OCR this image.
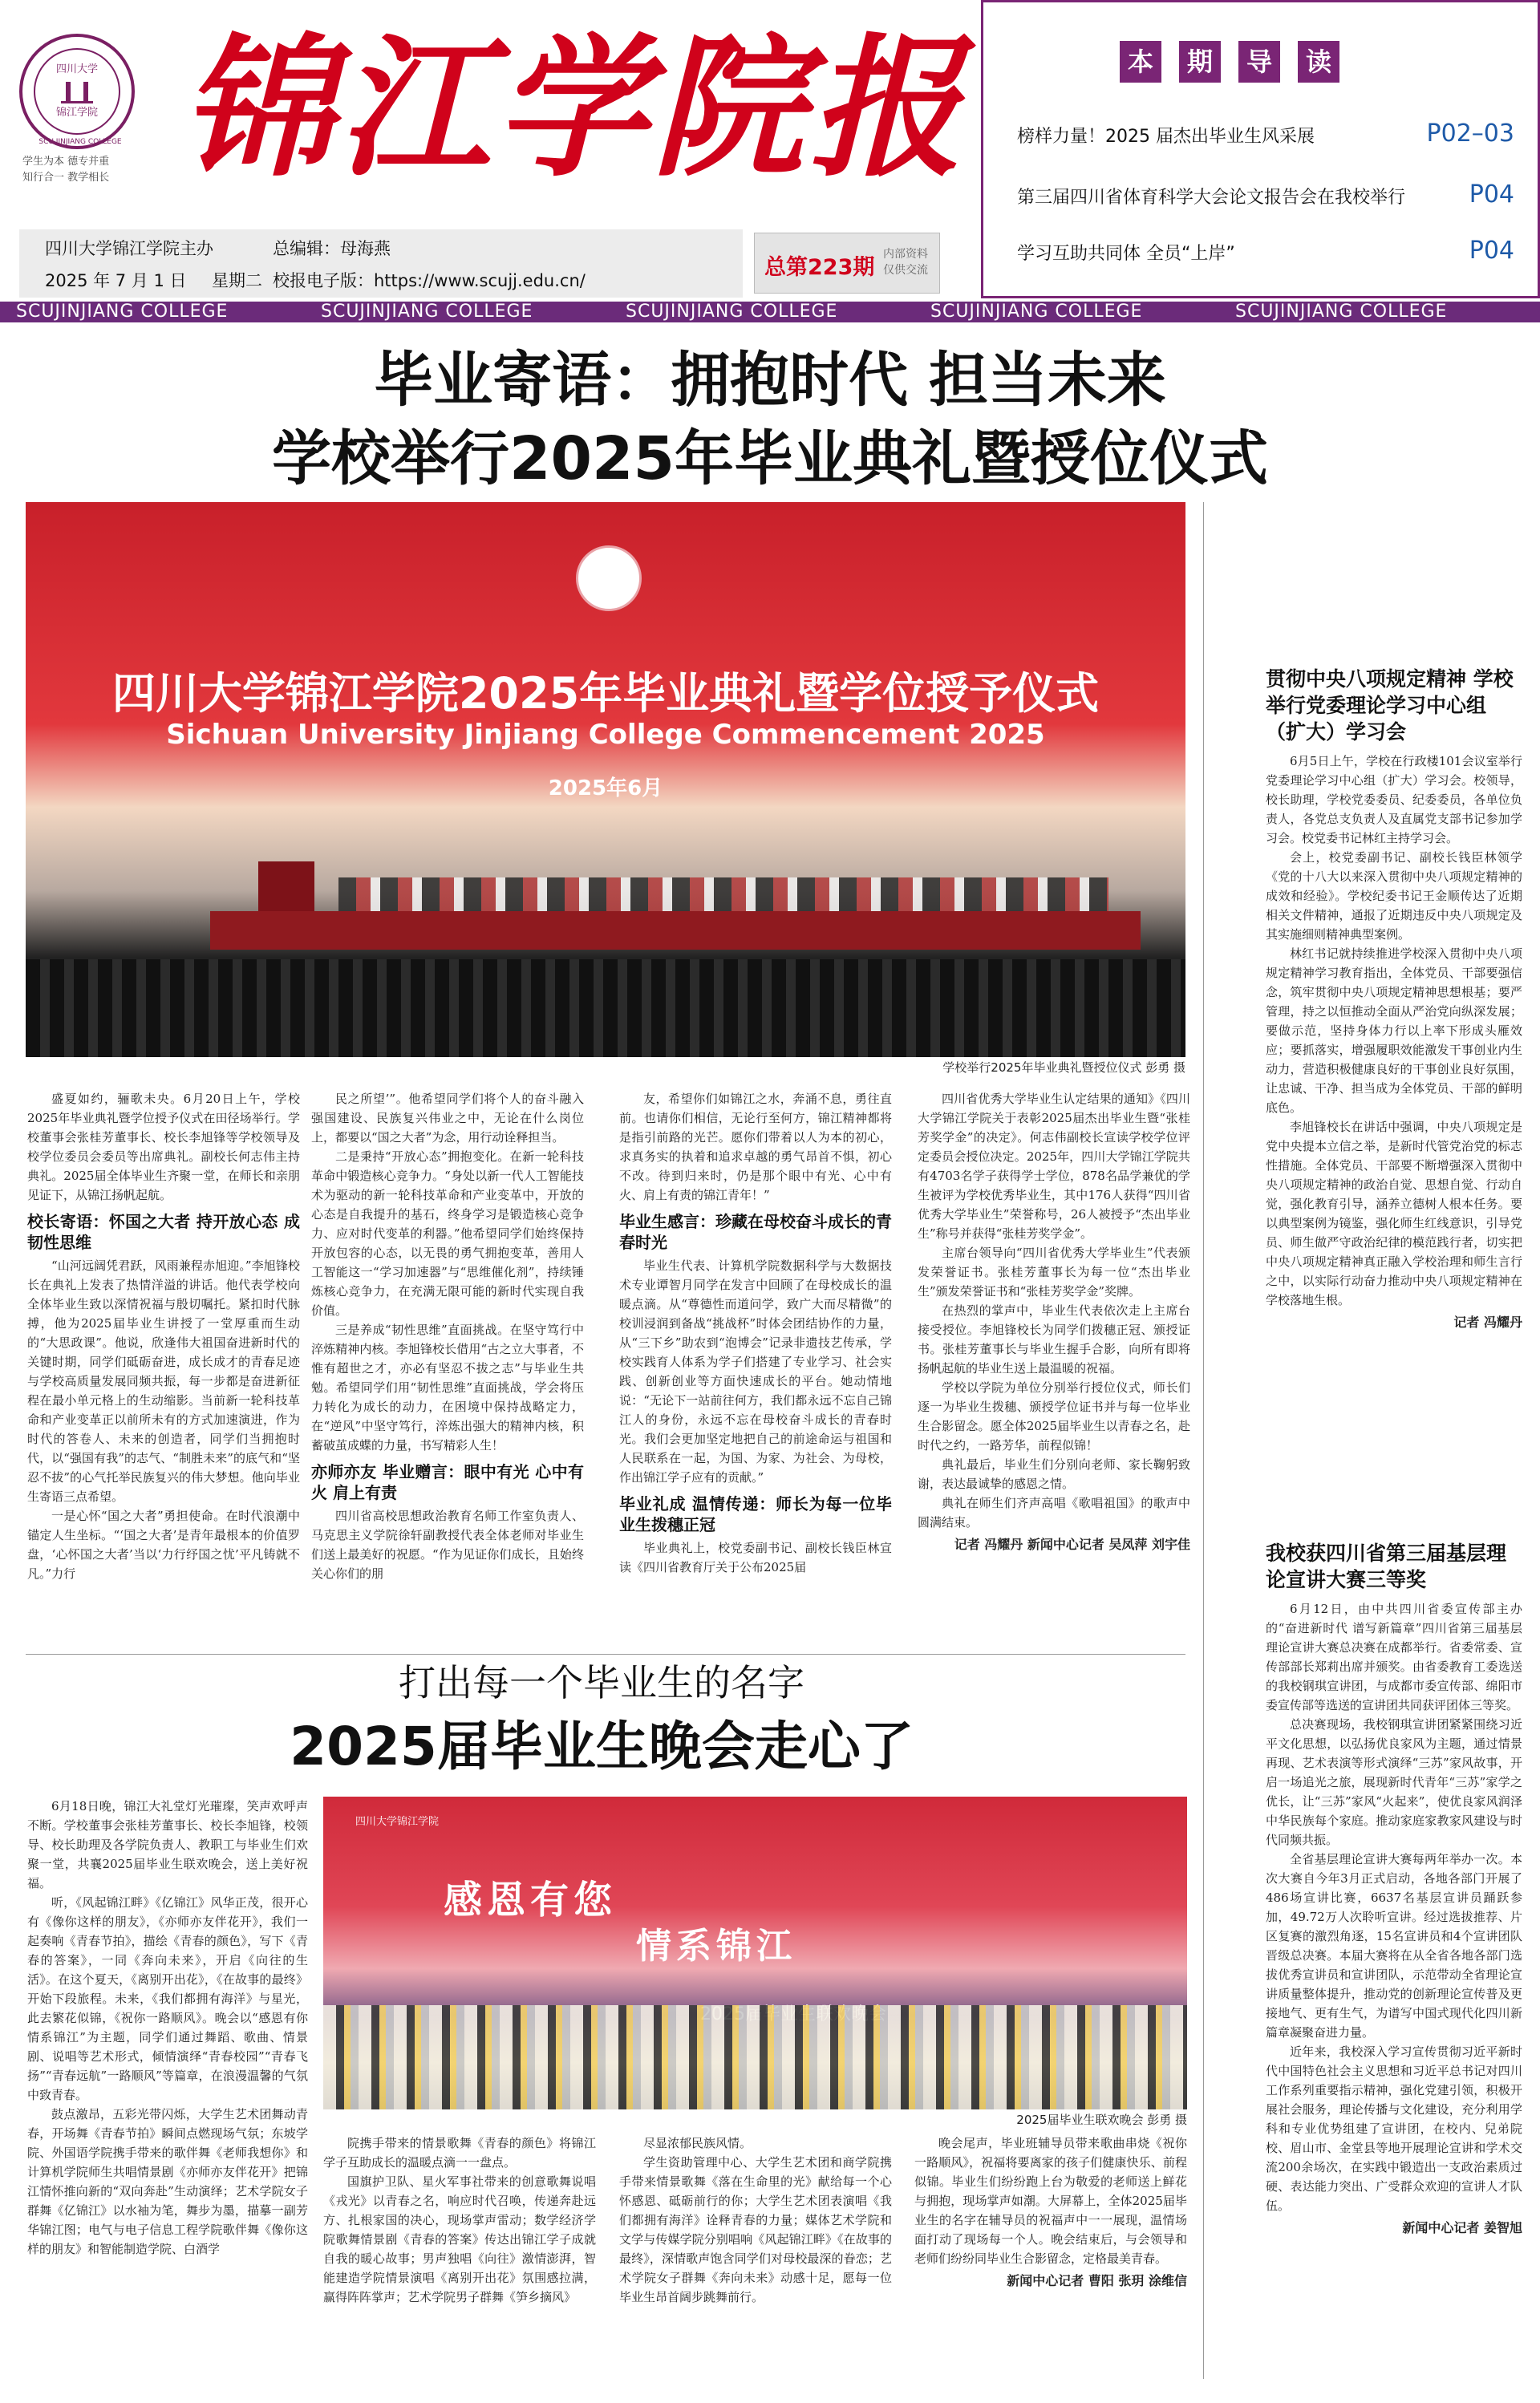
四川大学
锦江学院
SCU JINJIANG COLLEGE
学生为本 德专并重
知行合一 教学相长 锦江学院报
四川大学锦江学院主办	总编辑：母海燕
2025 年 7 月 1 日 星期二 校报电子版：https://www.scujj.edu.cn/
总第223期
内部资料
仅供交流
本	期	导	读
榜样力量！2025 届杰出毕业生风采展	P02–03
第三届四川省体育科学大会论文报告会在我校举行	P04
学习互助共同体 全员“上岸”	P04
SCUJINJIANG COLLEGE	SCUJINJIANG COLLEGE	SCUJINJIANG COLLEGE	SCUJINJIANG COLLEGE	SCUJINJIANG COLLEGE
毕业寄语：拥抱时代 担当未来
学校举行2025年毕业典礼暨授位仪式
四川大学锦江学院2025年毕业典礼暨学位授予仪式
Sichuan University Jinjiang College Commencement 2025
2025年6月
学校举行2025年毕业典礼暨授位仪式 彭勇 摄

盛夏如约，骊歌未央。6月20日上午，学校2025年毕业典礼暨学位授予仪式在田径场举行。学校董事会张桂芳董事长、校长李旭锋等学校领导及校学位委员会委员等出席典礼。副校长何志伟主持典礼。2025届全体毕业生齐聚一堂，在师长和亲朋见证下，从锦江扬帆起航。

校长寄语：怀国之大者 持开放心态 成韧性思维

“山河远阔凭君跃，风雨兼程赤旭迎。”李旭锋校长在典礼上发表了热情洋溢的讲话。他代表学校向全体毕业生致以深情祝福与殷切嘱托。紧扣时代脉搏，他为2025届毕业生讲授了一堂厚重而生动的“大思政课”。他说，欣逢伟大祖国奋进新时代的关键时期，同学们砥砺奋进，成长成才的青春足迹与学校高质量发展同频共振，每一步都是奋进新征程在最小单元格上的生动缩影。当前新一轮科技革命和产业变革正以前所未有的方式加速演进，作为时代的答卷人、未来的创造者，同学们当拥抱时代，以“强国有我”的志气、“制胜未来”的底气和“坚忍不拔”的心气托举民族复兴的伟大梦想。他向毕业生寄语三点希望。

一是心怀“国之大者”勇担使命。在时代浪潮中锚定人生坐标。“‘国之大者’是青年最根本的价值罗盘，‘心怀国之大者’当以‘力行纾国之忧’平凡铸就不凡。”力行

民之所望’”。他希望同学们将个人的奋斗融入强国建设、民族复兴伟业之中，无论在什么岗位上，都要以“国之大者”为念，用行动诠释担当。

二是秉持“开放心态”拥抱变化。在新一轮科技革命中锻造核心竞争力。“身处以新一代人工智能技术为驱动的新一轮科技革命和产业变革中，开放的心态是自我提升的基石，终身学习是锻造核心竞争力、应对时代变革的利器。”他希望同学们始终保持开放包容的心态，以无畏的勇气拥抱变革，善用人工智能这一“学习加速器”与“思维催化剂”，持续锤炼核心竞争力，在充满无限可能的新时代实现自我价值。

三是养成“韧性思维”直面挑战。在坚守笃行中淬炼精神内核。李旭锋校长借用“古之立大事者，不惟有超世之才，亦必有坚忍不拔之志”与毕业生共勉。希望同学们用“韧性思维”直面挑战，学会将压力转化为成长的动力，在困境中保持战略定力，在“逆风”中坚守笃行，淬炼出强大的精神内核，积蓄破茧成蝶的力量，书写精彩人生！

亦师亦友 毕业赠言：眼中有光 心中有火 肩上有责

四川省高校思想政治教育名师工作室负责人、马克思主义学院徐轩副教授代表全体老师对毕业生们送上最美好的祝愿。“作为见证你们成长，且始终关心你们的朋

友，希望你们如锦江之水，奔涌不息，勇往直前。也请你们相信，无论行至何方，锦江精神都将是指引前路的光芒。愿你们带着以人为本的初心，求真务实的执着和追求卓越的勇气昂首不惧，初心不改。待到归来时，仍是那个眼中有光、心中有火、肩上有责的锦江青年！”

毕业生感言：珍藏在母校奋斗成长的青春时光

毕业生代表、计算机学院数据科学与大数据技术专业谭智月同学在发言中回顾了在母校成长的温暖点滴。从“尊德性而道问学，致广大而尽精微”的校训浸润到备战“挑战杯”时体会团结协作的力量，从“三下乡”助农到“泡博会”记录非遗技艺传承，学校实践育人体系为学子们搭建了专业学习、社会实践、创新创业等方面快速成长的平台。她动情地说：“无论下一站前往何方，我们都永远不忘自己锦江人的身份，永远不忘在母校奋斗成长的青春时光。我们会更加坚定地把自己的前途命运与祖国和人民联系在一起，为国、为家、为社会、为母校，作出锦江学子应有的贡献。”

毕业礼成 温情传递：师长为每一位毕业生拨穗正冠

毕业典礼上，校党委副书记、副校长钱臣林宣读《四川省教育厅关于公布2025届

四川省优秀大学毕业生认定结果的通知》《四川大学锦江学院关于表彰2025届杰出毕业生暨“张桂芳奖学金”的决定》。何志伟副校长宣读学校学位评定委员会授位决定。2025年，四川大学锦江学院共有4703名学子获得学士学位，878名品学兼优的学生被评为学校优秀毕业生，其中176人获得“四川省优秀大学毕业生”荣誉称号，26人被授予“杰出毕业生”称号并获得“张桂芳奖学金”。

主席台领导向“四川省优秀大学毕业生”代表颁发荣誉证书。张桂芳董事长为每一位“杰出毕业生”颁发荣誉证书和“张桂芳奖学金”奖牌。

在热烈的掌声中，毕业生代表依次走上主席台接受授位。李旭锋校长为同学们拨穗正冠、颁授证书。张桂芳董事长与毕业生握手合影，向所有即将扬帆起航的毕业生送上最温暖的祝福。

学校以学院为单位分别举行授位仪式，师长们逐一为毕业生拨穗、颁授学位证书并与每一位毕业生合影留念。愿全体2025届毕业生以青春之名，赴时代之约，一路芳华，前程似锦！

典礼最后，毕业生们分别向老师、家长鞠躬致谢，表达最诚挚的感恩之情。

典礼在师生们齐声高唱《歌唱祖国》的歌声中圆满结束。

记者 冯耀丹 新闻中心记者 吴凤萍 刘宇佳
贯彻中央八项规定精神 学校举行党委理论学习中心组（扩大）学习会

6月5日上午，学校在行政楼101会议室举行党委理论学习中心组（扩大）学习会。校领导，校长助理，学校党委委员、纪委委员，各单位负责人，各党总支负责人及直属党支部书记参加学习会。校党委书记林红主持学习会。

会上，校党委副书记、副校长钱臣林领学《党的十八大以来深入贯彻中央八项规定精神的成效和经验》。学校纪委书记王金顺传达了近期相关文件精神，通报了近期违反中央八项规定及其实施细则精神典型案例。

林红书记就持续推进学校深入贯彻中央八项规定精神学习教育指出，全体党员、干部要强信念，筑牢贯彻中央八项规定精神思想根基；要严管理，持之以恒推动全面从严治党向纵深发展；要做示范，坚持身体力行以上率下形成头雁效应；要抓落实，增强履职效能激发干事创业内生动力，营造积极健康良好的干事创业良好氛围，让忠诚、干净、担当成为全体党员、干部的鲜明底色。

李旭锋校长在讲话中强调，中央八项规定是党中央提本立信之举，是新时代管党治党的标志性措施。全体党员、干部要不断增强深入贯彻中央八项规定精神的政治自觉、思想自觉、行动自觉，强化教育引导，涵养立德树人根本任务。要以典型案例为镜鉴，强化师生红线意识，引导党员、师生做严守政治纪律的模范践行者，切实把中央八项规定精神真正融入学校治理和师生言行之中，以实际行动奋力推动中央八项规定精神在学校落地生根。

记者 冯耀丹
我校获四川省第三届基层理论宣讲大赛三等奖

6月12日，由中共四川省委宣传部主办的“奋进新时代 谱写新篇章”四川省第三届基层理论宣讲大赛总决赛在成都举行。省委常委、宣传部部长郑莉出席并颁奖。由省委教育工委选送的我校钢琪宣讲团，与成都市委宣传部、绵阳市委宣传部等选送的宣讲团共同获评团体三等奖。

总决赛现场，我校钢琪宣讲团紧紧围绕习近平文化思想，以弘扬优良家风为主题，通过情景再现、艺术表演等形式演绎“三苏”家风故事，开启一场追光之旅，展现新时代青年“三苏”家学之优长，让“三苏”家风“火起来”，使优良家风润泽中华民族每个家庭。推动家庭家教家风建设与时代同频共振。

全省基层理论宣讲大赛每两年举办一次。本次大赛自今年3月正式启动，各地各部门开展了486场宣讲比赛，6637名基层宣讲员踊跃参加，49.72万人次聆听宣讲。经过选拔推荐、片区复赛的激烈角逐，15名宣讲员和4个宣讲团队晋级总决赛。本届大赛将在从全省各地各部门选拔优秀宣讲员和宣讲团队，示范带动全省理论宣讲质量整体提升，推动党的创新理论宣传普及更接地气、更有生气，为谱写中国式现代化四川新篇章凝聚奋进力量。

近年来，我校深入学习宣传贯彻习近平新时代中国特色社会主义思想和习近平总书记对四川工作系列重要指示精神，强化党建引领，积极开展社会服务，理论传播与文化建设，充分利用学科和专业优势组建了宣讲团，在校内、兒弟院校、眉山市、金堂县等地开展理论宣讲和学术交流200余场次，在实践中锻造出一支政治素质过硬、表达能力突出、广受群众欢迎的宣讲人才队伍。

新闻中心记者 姜智旭
打出每一个毕业生的名字
2025届毕业生晚会走心了
四川大学锦江学院
感恩有您
情系锦江
2025届毕业生联欢晚会 彭勇 摄

6月18日晚，锦江大礼堂灯光璀璨，笑声欢呼声不断。学校董事会张桂芳董事长、校长李旭锋，校领导、校长助理及各学院负责人、教职工与毕业生们欢聚一堂，共襄2025届毕业生联欢晚会，送上美好祝福。

听，《风起锦江畔》《亿锦江》风华正茂，很开心有《像你这样的朋友》，《亦师亦友伴花开》，我们一起奏响《青春节拍》，描绘《青春的颜色》，写下《青春的答案》，一同《奔向未来》，开启《向往的生活》。在这个夏天，《离别开出花》，《在故事的最终》开始下段旅程。未来，《我们都拥有海洋》与星光，此去繁花似锦，《祝你一路顺风》。晚会以“感恩有你 情系锦江”为主题，同学们通过舞蹈、歌曲、情景剧、说唱等艺术形式，倾情演绎“青春校园”“青春飞扬”“青春远航”一路顺风”等篇章，在浪漫温馨的气氛中致青春。

鼓点激昂，五彩光带闪烁，大学生艺术团舞动青春，开场舞《青春节拍》瞬间点燃现场气氛；东坡学院、外国语学院携手带来的歌伴舞《老师我想你》和计算机学院师生共唱情景剧《亦师亦友伴花开》把锦江情怀推向新的“双向奔赴”生动演绎；艺术学院女子群舞《亿锦江》以水袖为笔，舞步为墨，描摹一副芳华锦江图；电气与电子信息工程学院歌伴舞《像你这样的朋友》和智能制造学院、白酒学

院携手带来的情景歌舞《青春的颜色》将锦江学子互助成长的温暖点滴一一盘点。

国旗护卫队、星火军事社带来的创意歌舞说唱《戎光》以青春之名，响应时代召唤，传递奔赴远方、扎根家国的决心，现场掌声雷动；数学经济学院歌舞情景剧《青春的答案》传达出锦江学子成就自我的暖心故事；男声独唱《向往》激情澎湃，智能建造学院情景演唱《离别开出花》氛围感拉满，赢得阵阵掌声；艺术学院男子群舞《笋乡摘风》

尽显浓郁民族风情。

学生资助管理中心、大学生艺术团和商学院携手带来情景歌舞《落在生命里的光》献给每一个心怀感恩、砥砺前行的你；大学生艺术团表演唱《我们都拥有海洋》诠释青春的力量；媒体艺术学院和文学与传媒学院分别唱响《风起锦江畔》《在故事的最终》，深情歌声饱含同学们对母校最深的眷恋；艺术学院女子群舞《奔向未来》动感十足，愿每一位毕业生昂首阔步跳舞前行。

晚会尾声，毕业班辅导员带来歌曲串烧《祝你一路顺风》，祝福将要离家的孩子们健康快乐、前程似锦。毕业生们纷纷跑上台为敬爱的老师送上鲜花与拥抱，现场掌声如潮。大屏幕上，全体2025届毕业生的名字在辅导员的祝福声中一一展现，温情场面打动了现场每一个人。晚会结束后，与会领导和老师们纷纷同毕业生合影留念，定格最美青春。

新闻中心记者 曹阳 张玥 涂维信
